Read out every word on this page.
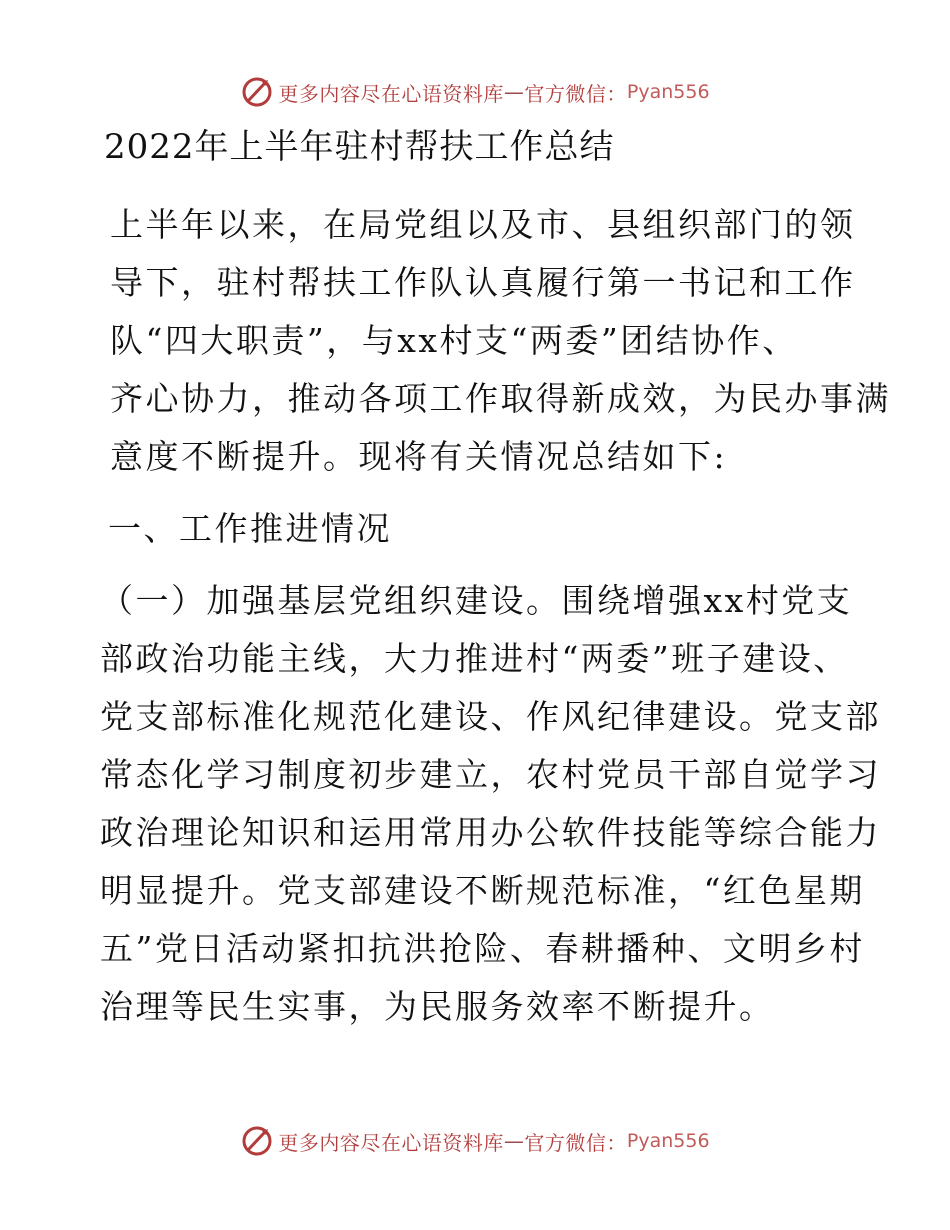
更多内容尽在心语资料库 — 官方微信： Pyan556
2022年上半年驻村帮扶工作总结

上半年以来，在局党组以及市、县组织部门的领
导下，驻村帮扶工作队认真履行第一书记和工作
队“四大职责”，与xx村支“两委”团结协作、
齐心协力，推动各项工作取得新成效，为民办事满
意度不断提升。现将有关情况总结如下:

一、工作推进情况

（一）加强基层党组织建设。围绕增强xx村党支
部政治功能主线，大力推进村“两委”班子建设、
党支部标准化规范化建设、作风纪律建设。党支部
常态化学习制度初步建立，农村党员干部自觉学习
政治理论知识和运用常用办公软件技能等综合能力
明显提升。党支部建设不断规范标准，“红色星期
五”党日活动紧扣抗洪抢险、春耕播种、文明乡村
治理等民生实事，为民服务效率不断提升。

更多内容尽在心语资料库 — 官方微信： Pyan556
